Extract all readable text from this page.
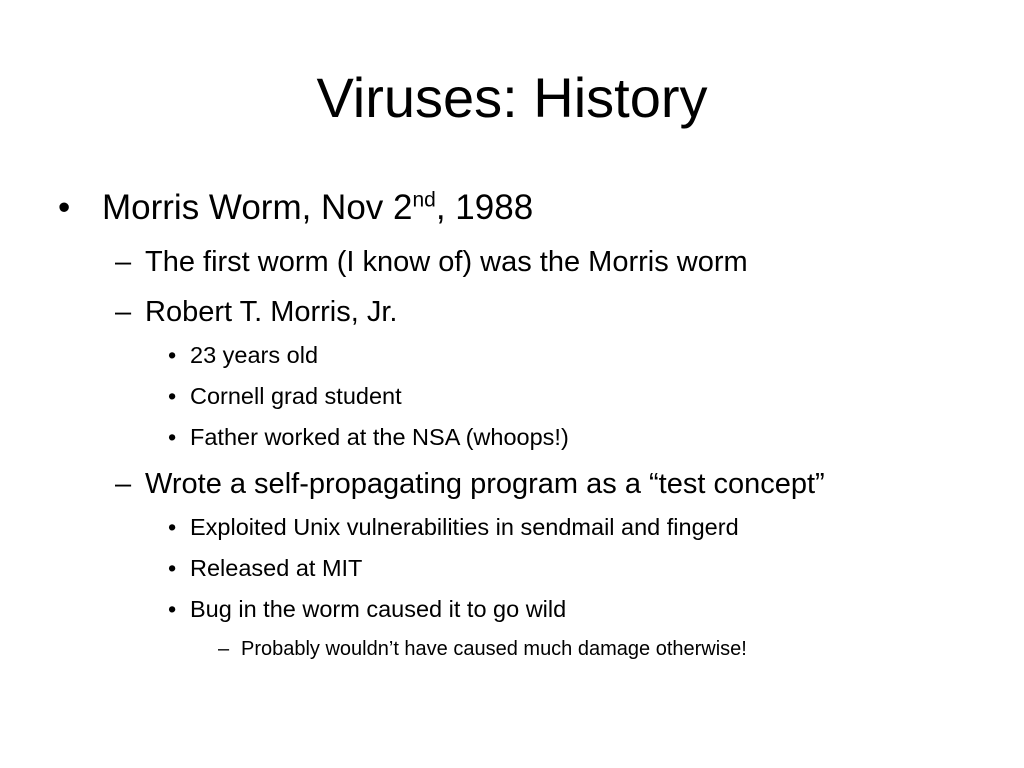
Viruses: History
• Morris Worm, Nov 2nd, 1988
– The first worm (I know of) was the Morris worm
– Robert T. Morris, Jr.
• 23 years old
• Cornell grad student
• Father worked at the NSA (whoops!)
– Wrote a self-propagating program as a “test concept”
• Exploited Unix vulnerabilities in sendmail and fingerd
• Released at MIT
• Bug in the worm caused it to go wild
– Probably wouldn’t have caused much damage otherwise!
